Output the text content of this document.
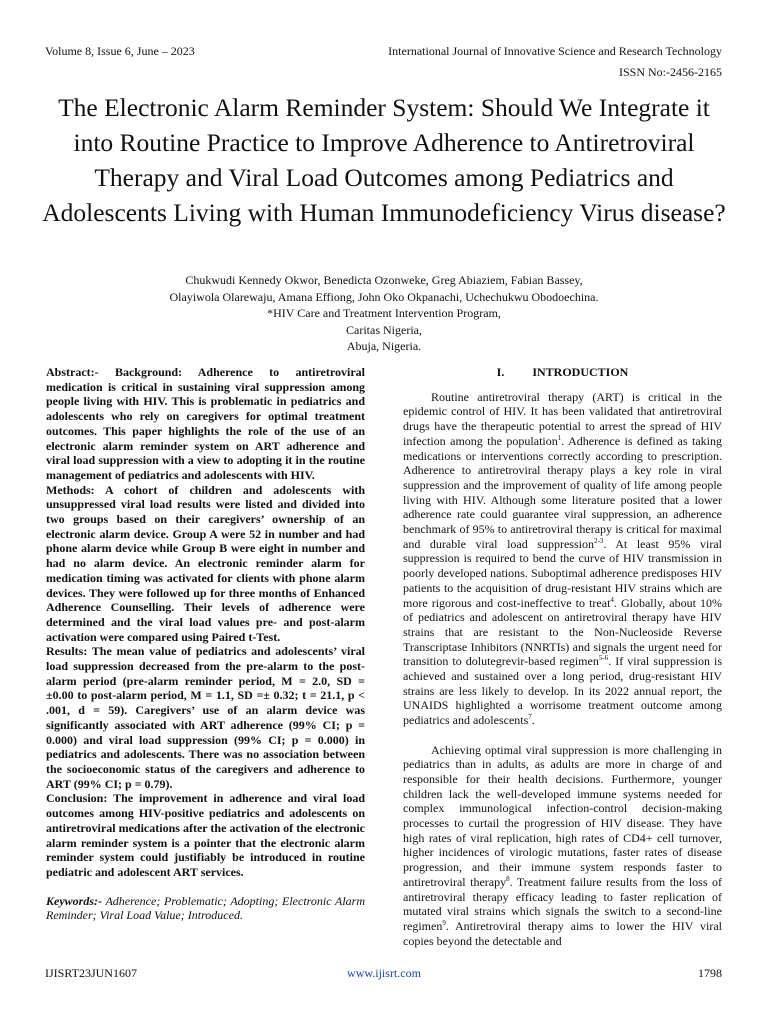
Volume 8, Issue 6, June – 2023	International Journal of Innovative Science and Research Technology
ISSN No:-2456-2165
The Electronic Alarm Reminder System: Should We Integrate it into Routine Practice to Improve Adherence to Antiretroviral Therapy and Viral Load Outcomes among Pediatrics and Adolescents Living with Human Immunodeficiency Virus disease?
Chukwudi Kennedy Okwor, Benedicta Ozonweke, Greg Abiaziem, Fabian Bassey,
Olayiwola Olarewaju, Amana Effiong, John Oko Okpanachi, Uchechukwu Obodoechina.
*HIV Care and Treatment Intervention Program,
Caritas Nigeria,
Abuja, Nigeria.

Abstract:- Background: Adherence to antiretroviral medication is critical in sustaining viral suppression among people living with HIV. This is problematic in pediatrics and adolescents who rely on caregivers for optimal treatment outcomes. This paper highlights the role of the use of an electronic alarm reminder system on ART adherence and viral load suppression with a view to adopting it in the routine management of pediatrics and adolescents with HIV.

Methods: A cohort of children and adolescents with unsuppressed viral load results were listed and divided into two groups based on their caregivers’ ownership of an electronic alarm device. Group A were 52 in number and had phone alarm device while Group B were eight in number and had no alarm device. An electronic reminder alarm for medication timing was activated for clients with phone alarm devices. They were followed up for three months of Enhanced Adherence Counselling. Their levels of adherence were determined and the viral load values pre- and post-alarm activation were compared using Paired t-Test.

Results: The mean value of pediatrics and adolescents’ viral load suppression decreased from the pre-alarm to the post-alarm period (pre-alarm reminder period, M = 2.0, SD = ±0.00 to post-alarm period, M = 1.1, SD =± 0.32; t = 21.1, p < .001, d = 59). Caregivers’ use of an alarm device was significantly associated with ART adherence (99% CI; p = 0.000) and viral load suppression (99% CI; p = 0.000) in pediatrics and adolescents. There was no association between the socioeconomic status of the caregivers and adherence to ART (99% CI; p = 0.79).

Conclusion: The improvement in adherence and viral load outcomes among HIV-positive pediatrics and adolescents on antiretroviral medications after the activation of the electronic alarm reminder system is a pointer that the electronic alarm reminder system could justifiably be introduced in routine pediatric and adolescent ART services.

Keywords:- Adherence; Problematic; Adopting; Electronic Alarm Reminder; Viral Load Value; Introduced.
I. INTRODUCTION

Routine antiretroviral therapy (ART) is critical in the epidemic control of HIV. It has been validated that antiretroviral drugs have the therapeutic potential to arrest the spread of HIV infection among the population$^1$. Adherence is defined as taking medications or interventions correctly according to prescription. Adherence to antiretroviral therapy plays a key role in viral suppression and the improvement of quality of life among people living with HIV. Although some literature posited that a lower adherence rate could guarantee viral suppression, an adherence benchmark of 95% to antiretroviral therapy is critical for maximal and durable viral load suppression$^{2-3}$. At least 95% viral suppression is required to bend the curve of HIV transmission in poorly developed nations. Suboptimal adherence predisposes HIV patients to the acquisition of drug-resistant HIV strains which are more rigorous and cost-ineffective to treat$^4$. Globally, about 10% of pediatrics and adolescent on antiretroviral therapy have HIV strains that are resistant to the Non-Nucleoside Reverse Transcriptase Inhibitors (NNRTIs) and signals the urgent need for transition to dolutegrevir-based regimen$^{5-6}$. If viral suppression is achieved and sustained over a long period, drug-resistant HIV strains are less likely to develop. In its 2022 annual report, the UNAIDS highlighted a worrisome treatment outcome among pediatrics and adolescents$^7$.

Achieving optimal viral suppression is more challenging in pediatrics than in adults, as adults are more in charge of and responsible for their health decisions. Furthermore, younger children lack the well-developed immune systems needed for complex immunological infection-control decision-making processes to curtail the progression of HIV disease. They have high rates of viral replication, high rates of CD4+ cell turnover, higher incidences of virologic mutations, faster rates of disease progression, and their immune system responds faster to antiretroviral therapy$^8$. Treatment failure results from the loss of antiretroviral therapy efficacy leading to faster replication of mutated viral strains which signals the switch to a second-line regimen$^9$. Antiretroviral therapy aims to lower the HIV viral copies beyond the detectable and

IJISRT23JUN1607	www.ijisrt.com	1798
